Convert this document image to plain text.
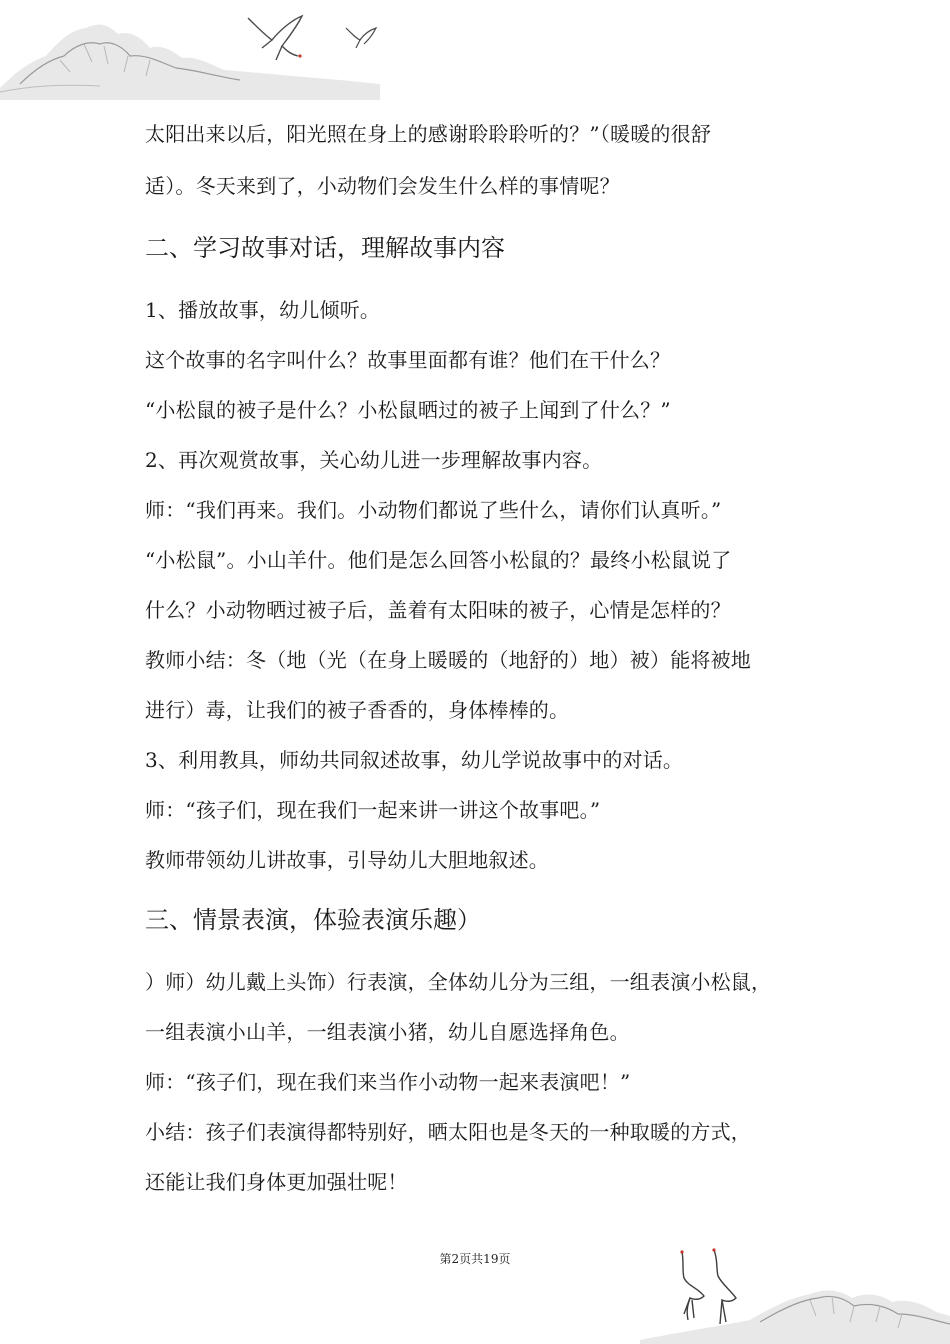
太阳出来以后，阳光照在身上的感谢聆聆聆听的？”（暖暖的很舒
适）。冬天来到了，小动物们会发生什么样的事情呢？
二、学习故事对话，理解故事内容
1、播放故事，幼儿倾听。
这个故事的名字叫什么？故事里面都有谁？他们在干什么？
“小松鼠的被子是什么？小松鼠晒过的被子上闻到了什么？”
2、再次观赏故事，关心幼儿进一步理解故事内容。
师：“我们再来。我们。小动物们都说了些什么，请你们认真听。”
“小松鼠”。小山羊什。他们是怎么回答小松鼠的？最终小松鼠说了
什么？小动物晒过被子后，盖着有太阳味的被子，心情是怎样的？
教师小结：冬（地（光（在身上暖暖的（地舒的）地）被）能将被地
进行）毒，让我们的被子香香的，身体棒棒的。
3、利用教具，师幼共同叙述故事，幼儿学说故事中的对话。
师：“孩子们，现在我们一起来讲一讲这个故事吧。”
教师带领幼儿讲故事，引导幼儿大胆地叙述。
三、情景表演，体验表演乐趣）
）师）幼儿戴上头饰）行表演，全体幼儿分为三组，一组表演小松鼠，
一组表演小山羊，一组表演小猪，幼儿自愿选择角色。
师：“孩子们，现在我们来当作小动物一起来表演吧！”
小结：孩子们表演得都特别好，晒太阳也是冬天的一种取暖的方式，
还能让我们身体更加强壮呢！
第2页共19页
